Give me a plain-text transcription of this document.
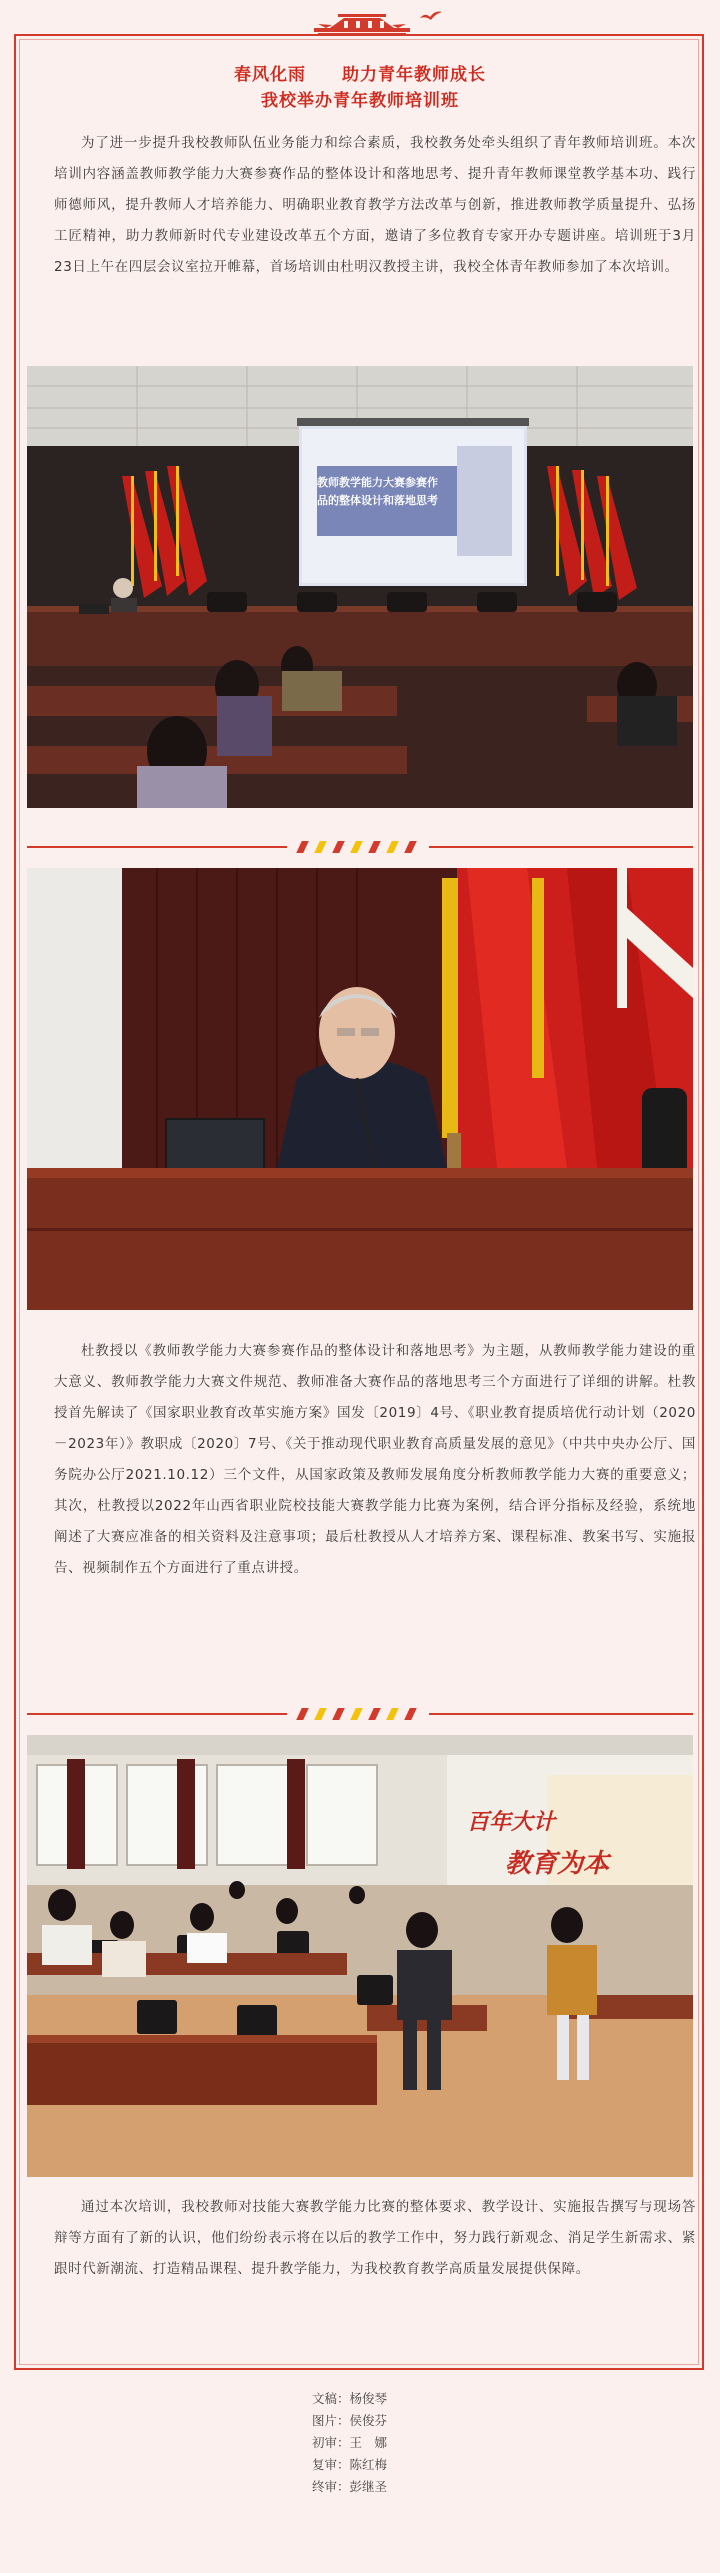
春风化雨　　助力青年教师成长
我校举办青年教师培训班

为了进一步提升我校教师队伍业务能力和综合素质，我校教务处牵头组织了青年教师培训班。本次培训内容涵盖教师教学能力大赛参赛作品的整体设计和落地思考、提升青年教师课堂教学基本功、践行师德师风，提升教师人才培养能力、明确职业教育教学方法改革与创新，推进教师教学质量提升、弘扬工匠精神，助力教师新时代专业建设改革五个方面，邀请了多位教育专家开办专题讲座。培训班于3月23日上午在四层会议室拉开帷幕，首场培训由杜明汉教授主讲，我校全体青年教师参加了本次培训。

教师教学能力大赛参赛作
品的整体设计和落地思考

杜教授以《教师教学能力大赛参赛作品的整体设计和落地思考》为主题，从教师教学能力建设的重大意义、教师教学能力大赛文件规范、教师准备大赛作品的落地思考三个方面进行了详细的讲解。杜教授首先解读了《国家职业教育改革实施方案》国发〔2019〕4号、《职业教育提质培优行动计划（2020－2023年）》教职成〔2020〕7号、《关于推动现代职业教育高质量发展的意见》（中共中央办公厅、国务院办公厅2021.10.12）三个文件，从国家政策及教师发展角度分析教师教学能力大赛的重要意义；其次，杜教授以2022年山西省职业院校技能大赛教学能力比赛为案例，结合评分指标及经验，系统地阐述了大赛应准备的相关资料及注意事项；最后杜教授从人才培养方案、课程标准、教案书写、实施报告、视频制作五个方面进行了重点讲授。

百年大计
教育为本

通过本次培训，我校教师对技能大赛教学能力比赛的整体要求、教学设计、实施报告撰写与现场答辩等方面有了新的认识，他们纷纷表示将在以后的教学工作中，努力践行新观念、消足学生新需求、紧跟时代新潮流、打造精品课程、提升教学能力，为我校教育教学高质量发展提供保障。

文稿：杨俊琴
图片：侯俊芬
初审：王　娜
复审：陈红梅
终审：彭继圣
